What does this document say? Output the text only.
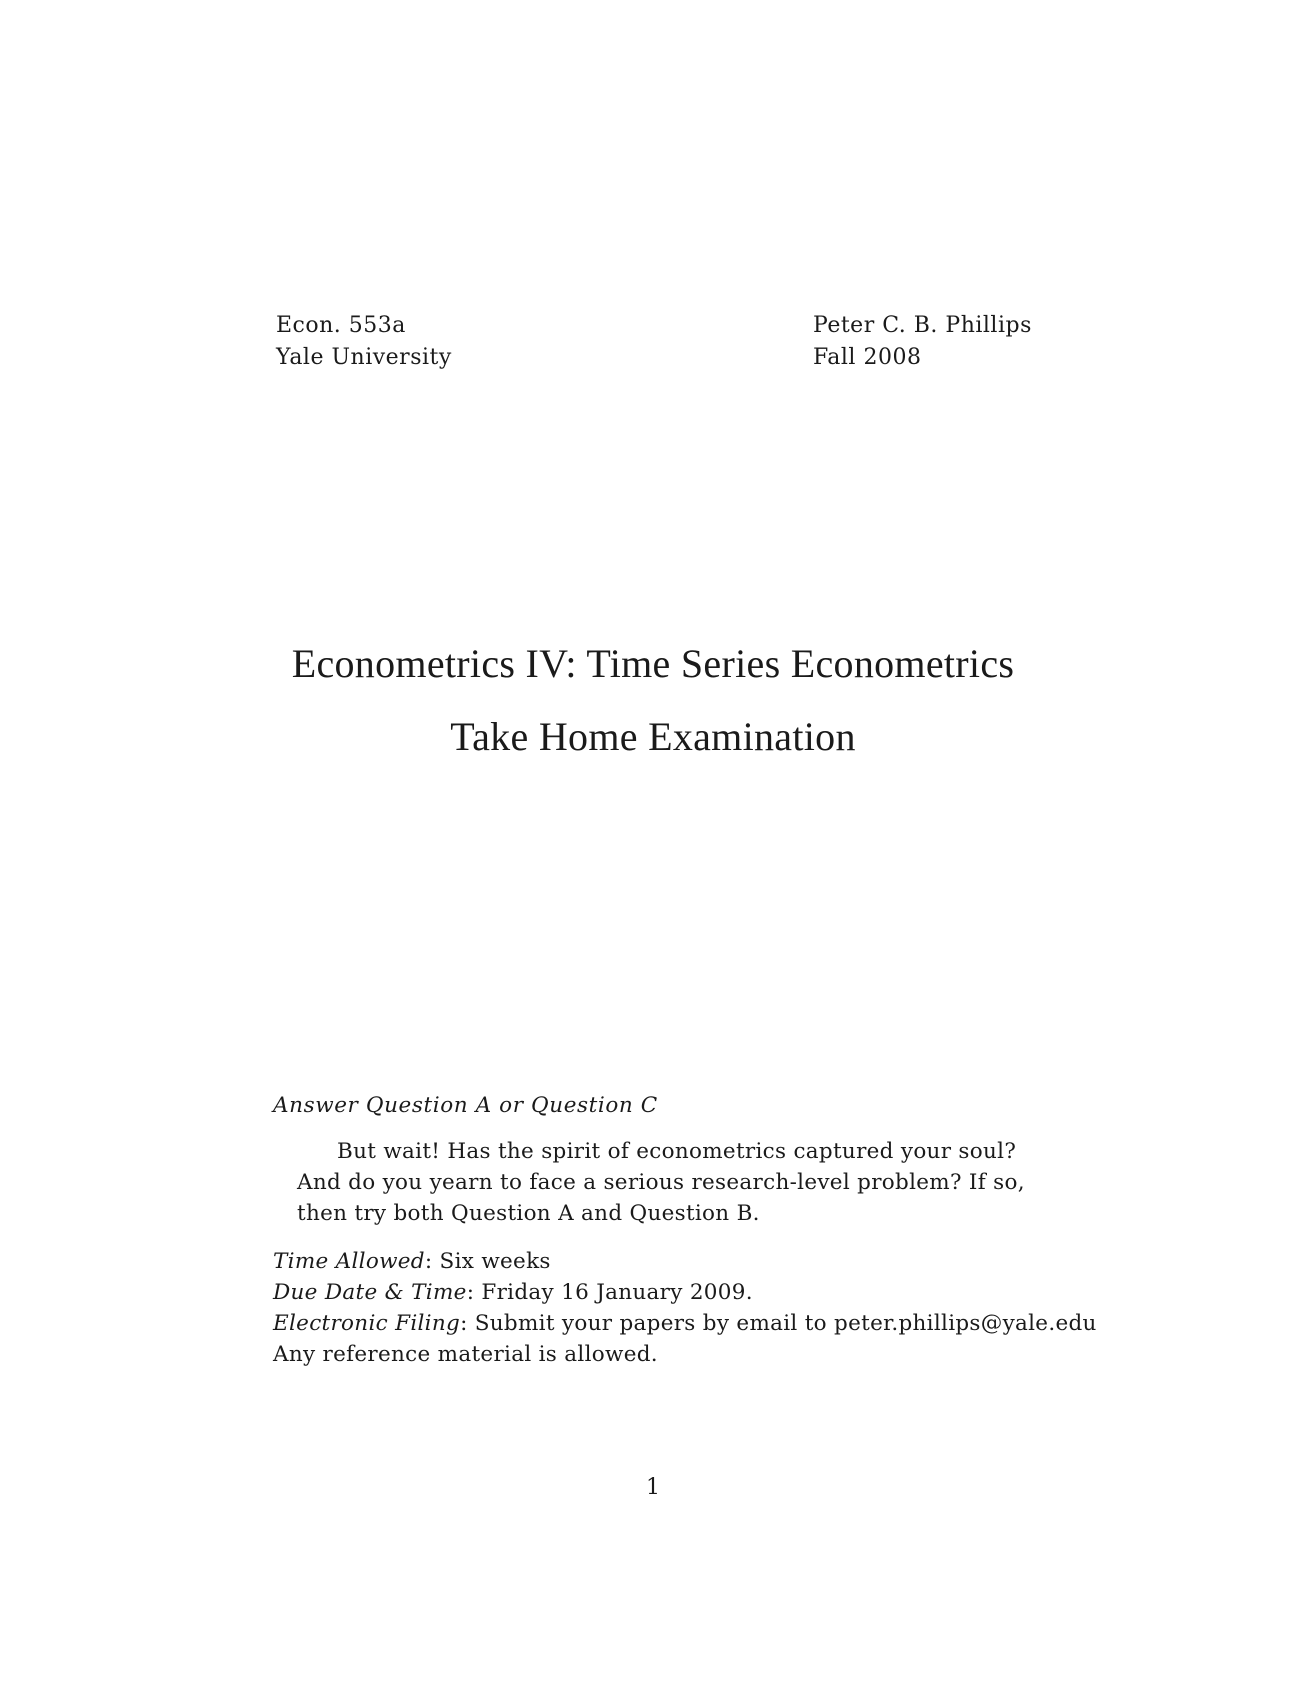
Econ. 553a
Yale University
Peter C. B. Phillips
Fall 2008
Econometrics IV: Time Series Econometrics
Take Home Examination
Answer Question A or Question C
But wait! Has the spirit of econometrics captured your soul?
And do you yearn to face a serious research-level problem? If so,
then try both Question A and Question B.
Time Allowed: Six weeks
Due Date & Time: Friday 16 January 2009.
Electronic Filing: Submit your papers by email to peter.phillips@yale.edu
Any reference material is allowed.
1
